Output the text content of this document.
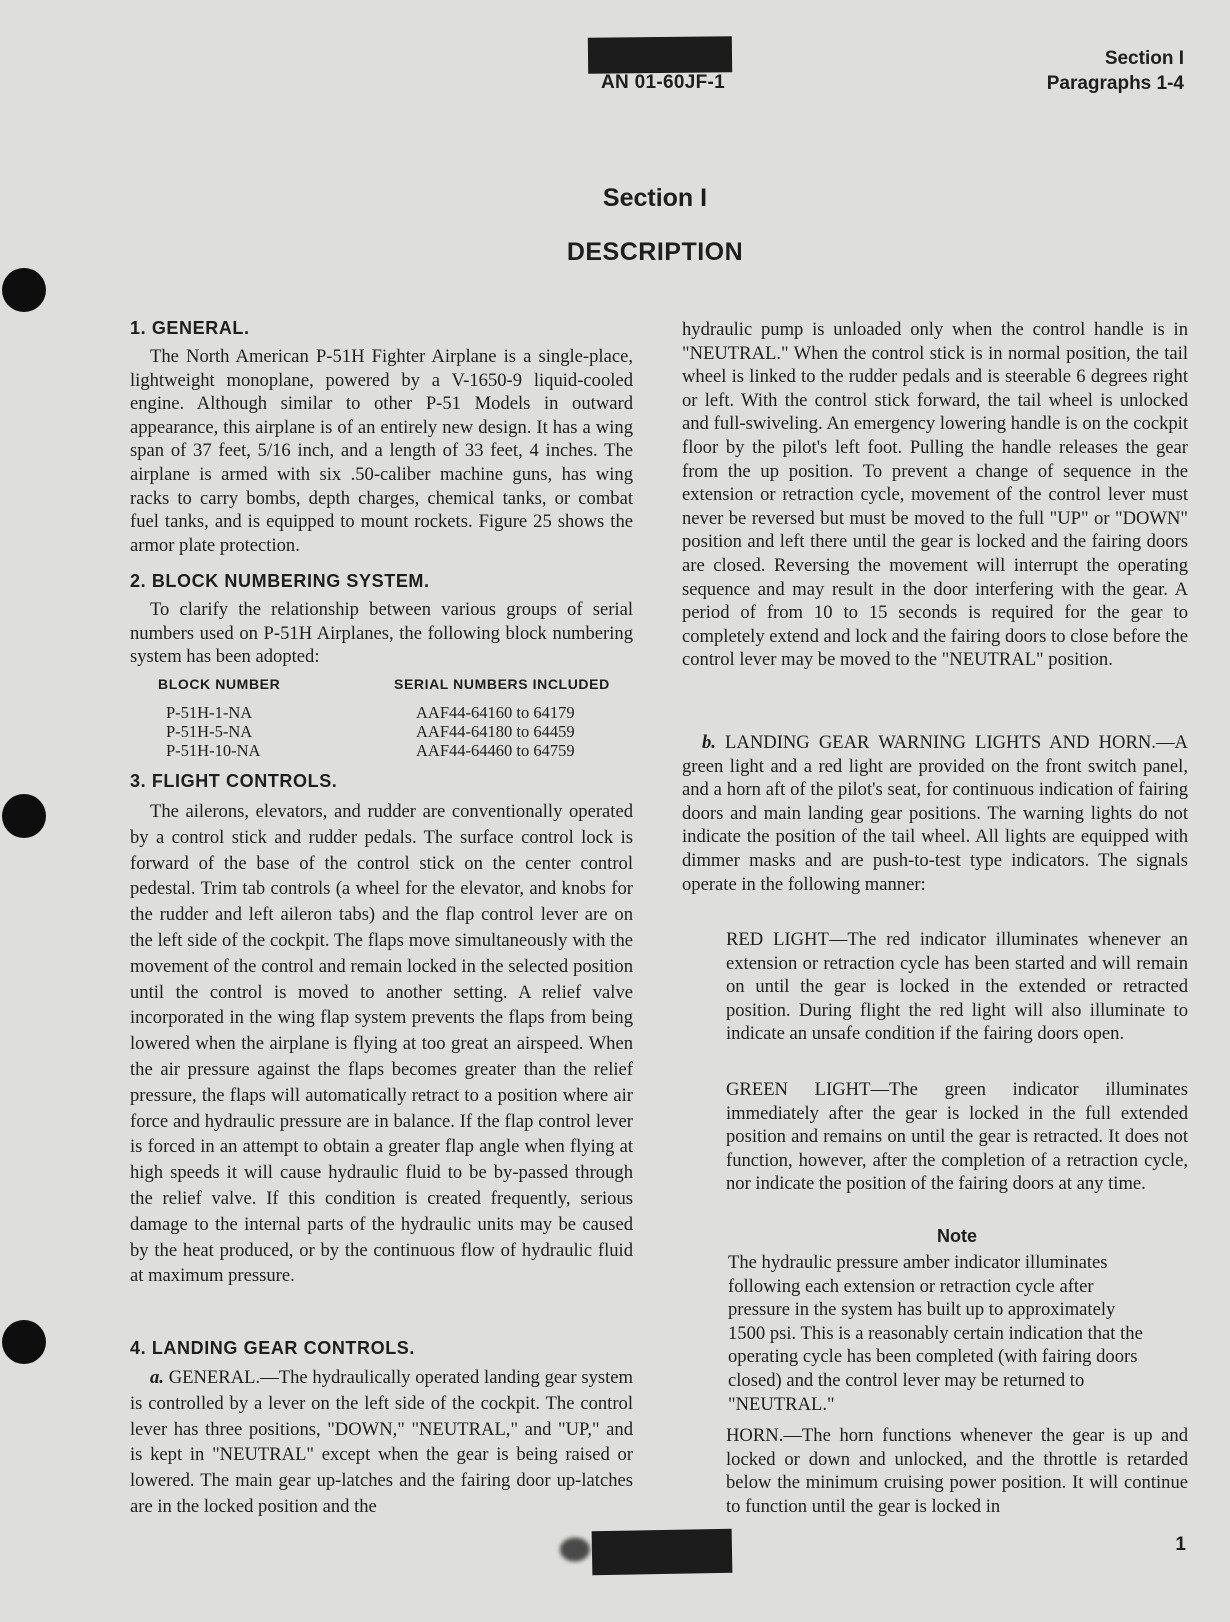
AN 01-60JF-1
Section I
Paragraphs 1-4
Section I
DESCRIPTION
1. GENERAL.

The North American P-51H Fighter Airplane is a single-place, lightweight monoplane, powered by a V-1650-9 liquid-cooled engine. Although similar to other P-51 Models in outward appearance, this airplane is of an entirely new design. It has a wing span of 37 feet, 5/16 inch, and a length of 33 feet, 4 inches. The airplane is armed with six .50-caliber machine guns, has wing racks to carry bombs, depth charges, chemical tanks, or combat fuel tanks, and is equipped to mount rockets. Figure 25 shows the armor plate protection.

2. BLOCK NUMBERING SYSTEM.

To clarify the relationship between various groups of serial numbers used on P-51H Airplanes, the following block numbering system has been adopted:

BLOCK NUMBER	SERIAL NUMBERS INCLUDED
P-51H-1-NA	AAF44-64160 to 64179
P-51H-5-NA	AAF44-64180 to 64459
P-51H-10-NA	AAF44-64460 to 64759
3. FLIGHT CONTROLS.

The ailerons, elevators, and rudder are conventionally operated by a control stick and rudder pedals. The surface control lock is forward of the base of the control stick on the center control pedestal. Trim tab controls (a wheel for the elevator, and knobs for the rudder and left aileron tabs) and the flap control lever are on the left side of the cockpit. The flaps move simultaneously with the movement of the control and remain locked in the selected position until the control is moved to another setting. A relief valve incorporated in the wing flap system prevents the flaps from being lowered when the airplane is flying at too great an airspeed. When the air pressure against the flaps becomes greater than the relief pressure, the flaps will automatically retract to a position where air force and hydraulic pressure are in balance. If the flap control lever is forced in an attempt to obtain a greater flap angle when flying at high speeds it will cause hydraulic fluid to be by-passed through the relief valve. If this condition is created frequently, serious damage to the internal parts of the hydraulic units may be caused by the heat produced, or by the continuous flow of hydraulic fluid at maximum pressure.

4. LANDING GEAR CONTROLS.

a. GENERAL.—The hydraulically operated landing gear system is controlled by a lever on the left side of the cockpit. The control lever has three positions, "DOWN," "NEUTRAL," and "UP," and is kept in "NEUTRAL" except when the gear is being raised or lowered. The main gear up-latches and the fairing door up-latches are in the locked position and the

hydraulic pump is unloaded only when the control handle is in "NEUTRAL." When the control stick is in normal position, the tail wheel is linked to the rudder pedals and is steerable 6 degrees right or left. With the control stick forward, the tail wheel is unlocked and full-swiveling. An emergency lowering handle is on the cockpit floor by the pilot's left foot. Pulling the handle releases the gear from the up position. To prevent a change of sequence in the extension or retraction cycle, movement of the control lever must never be reversed but must be moved to the full "UP" or "DOWN" position and left there until the gear is locked and the fairing doors are closed. Reversing the movement will interrupt the operating sequence and may result in the door interfering with the gear. A period of from 10 to 15 seconds is required for the gear to completely extend and lock and the fairing doors to close before the control lever may be moved to the "NEUTRAL" position.

b. LANDING GEAR WARNING LIGHTS AND HORN.—A green light and a red light are provided on the front switch panel, and a horn aft of the pilot's seat, for continuous indication of fairing doors and main landing gear positions. The warning lights do not indicate the position of the tail wheel. All lights are equipped with dimmer masks and are push-to-test type indicators. The signals operate in the following manner:

RED LIGHT—The red indicator illuminates whenever an extension or retraction cycle has been started and will remain on until the gear is locked in the extended or retracted position. During flight the red light will also illuminate to indicate an unsafe condition if the fairing doors open.

GREEN LIGHT—The green indicator illuminates immediately after the gear is locked in the full extended position and remains on until the gear is retracted. It does not function, however, after the completion of a retraction cycle, nor indicate the position of the fairing doors at any time.

Note

The hydraulic pressure amber indicator illuminates following each extension or retraction cycle after pressure in the system has built up to approximately 1500 psi. This is a reasonably certain indication that the operating cycle has been completed (with fairing doors closed) and the control lever may be returned to "NEUTRAL."

HORN.—The horn functions whenever the gear is up and locked or down and unlocked, and the throttle is retarded below the minimum cruising power position. It will continue to function until the gear is locked in

1
